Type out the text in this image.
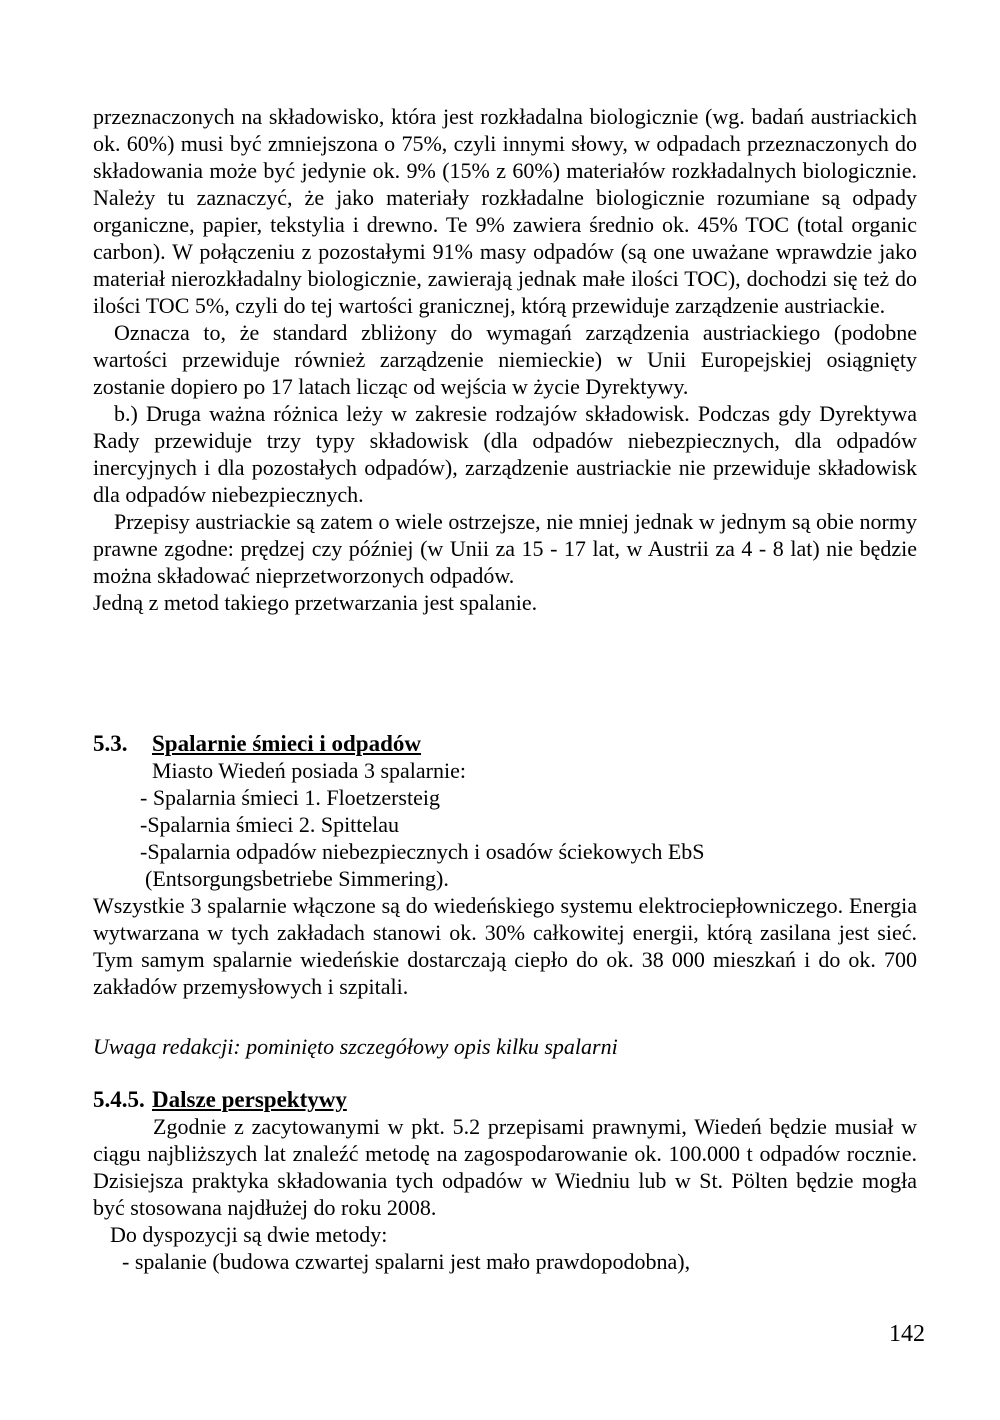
przeznaczonych na składowisko, która jest rozkładalna biologicznie (wg. badań austriackich ok. 60%) musi być zmniejszona o 75%, czyli innymi słowy, w odpadach przeznaczonych do składowania może być jedynie ok. 9% (15% z 60%) materiałów rozkładalnych biologicznie. Należy tu zaznaczyć, że jako materiały rozkładalne biologicznie rozumiane są odpady organiczne, papier, tekstylia i drewno. Te 9% zawiera średnio ok. 45% TOC (total organic carbon). W połączeniu z pozostałymi 91% masy odpadów (są one uważane wprawdzie jako materiał nierozkładalny biologicznie, zawierają jednak małe ilości TOC), dochodzi się też do ilości TOC 5%, czyli do tej wartości granicznej, którą przewiduje zarządzenie austriackie.

Oznacza to, że standard zbliżony do wymagań zarządzenia austriackiego (podobne wartości przewiduje również zarządzenie niemieckie) w Unii Europejskiej osiągnięty zostanie dopiero po 17 latach licząc od wejścia w życie Dyrektywy.

b.) Druga ważna różnica leży w zakresie rodzajów składowisk. Podczas gdy Dyrektywa Rady przewiduje trzy typy składowisk (dla odpadów niebezpiecznych, dla odpadów inercyjnych i dla pozostałych odpadów), zarządzenie austriackie nie przewiduje składowisk dla odpadów niebezpiecznych.

Przepisy austriackie są zatem o wiele ostrzejsze, nie mniej jednak w jednym są obie normy prawne zgodne: prędzej czy później (w Unii za 15 - 17 lat, w Austrii za 4 - 8 lat) nie będzie można składować nieprzetworzonych odpadów.

Jedną z metod takiego przetwarzania jest spalanie.

5.3. Spalarnie śmieci i odpadów

Miasto Wiedeń posiada 3 spalarnie:

- Spalarnia śmieci 1. Floetzersteig

-Spalarnia śmieci 2. Spittelau

-Spalarnia odpadów niebezpiecznych i osadów ściekowych EbS

(Entsorgungsbetriebe Simmering).

Wszystkie 3 spalarnie włączone są do wiedeńskiego systemu elektrociepłowniczego. Energia wytwarzana w tych zakładach stanowi ok. 30% całkowitej energii, którą zasilana jest sieć. Tym samym spalarnie wiedeńskie dostarczają ciepło do ok. 38 000 mieszkań i do ok. 700 zakładów przemysłowych i szpitali.

Uwaga redakcji: pominięto szczegółowy opis kilku spalarni

5.4.5. Dalsze perspektywy

Zgodnie z zacytowanymi w pkt. 5.2 przepisami prawnymi, Wiedeń będzie musiał w ciągu najbliższych lat znaleźć metodę na zagospodarowanie ok. 100.000 t odpadów rocznie. Dzisiejsza praktyka składowania tych odpadów w Wiedniu lub w St. Pölten będzie mogła być stosowana najdłużej do roku 2008.

Do dyspozycji są dwie metody:

- spalanie (budowa czwartej spalarni jest mało prawdopodobna),

142
